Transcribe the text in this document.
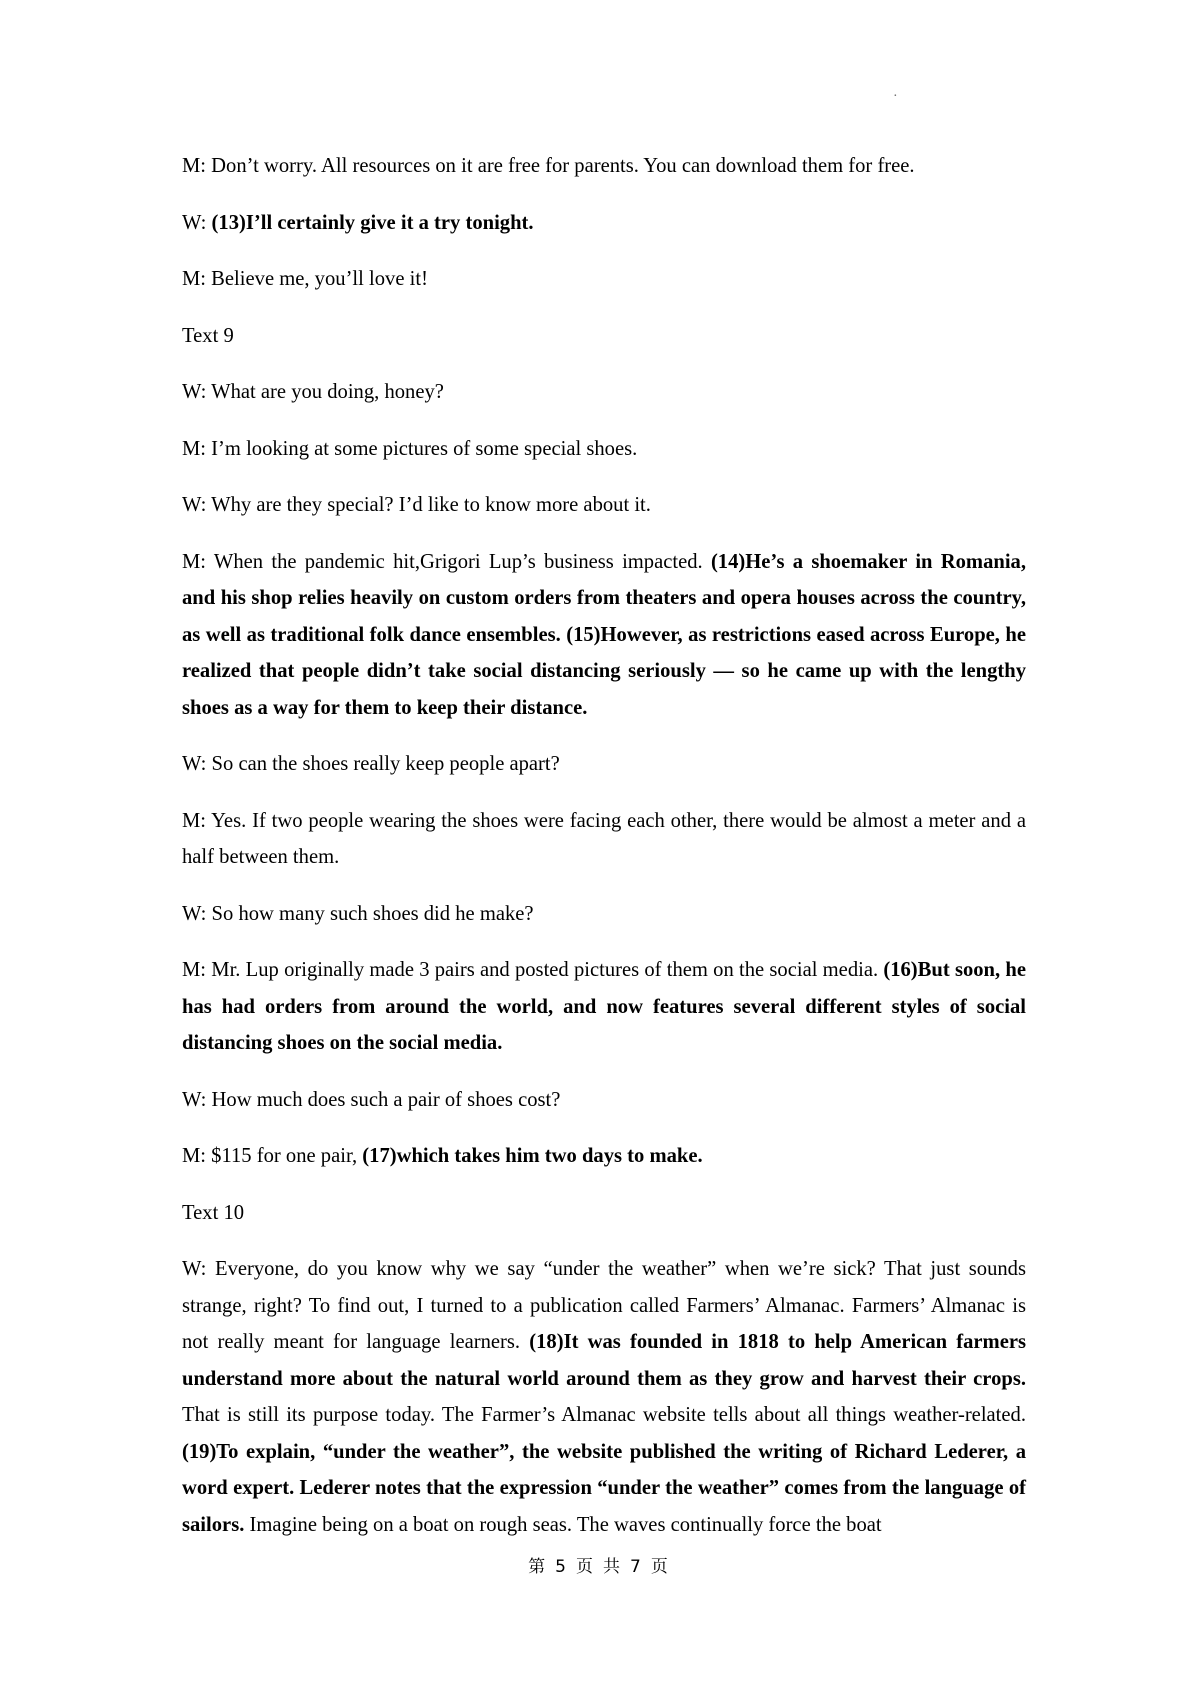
·

M: Don’t worry. All resources on it are free for parents. You can download them for free.

W: (13)I’ll certainly give it a try tonight.

M: Believe me, you’ll love it!

Text 9

W: What are you doing, honey?

M: I’m looking at some pictures of some special shoes.

W: Why are they special? I’d like to know more about it.

M: When the pandemic hit,Grigori Lup’s business impacted. (14)He’s a shoemaker in Romania, and his shop relies heavily on custom orders from theaters and opera houses across the country, as well as traditional folk dance ensembles. (15)However, as restrictions eased across Europe, he realized that people didn’t take social distancing seriously — so he came up with the lengthy shoes as a way for them to keep their distance.

W: So can the shoes really keep people apart?

M: Yes. If two people wearing the shoes were facing each other, there would be almost a meter and a half between them.

W: So how many such shoes did he make?

M: Mr. Lup originally made 3 pairs and posted pictures of them on the social media. (16)But soon, he has had orders from around the world, and now features several different styles of social distancing shoes on the social media.

W: How much does such a pair of shoes cost?

M: $115 for one pair, (17)which takes him two days to make.

Text 10

W: Everyone, do you know why we say “under the weather” when we’re sick? That just sounds strange, right? To find out, I turned to a publication called Farmers’ Almanac. Farmers’ Almanac is not really meant for language learners. (18)It was founded in 1818 to help American farmers understand more about the natural world around them as they grow and harvest their crops. That is still its purpose today. The Farmer’s Almanac website tells about all things weather-related. (19)To explain, “under the weather”, the website published the writing of Richard Lederer, a word expert. Lederer notes that the expression “under the weather” comes from the language of sailors. Imagine being on a boat on rough seas. The waves continually force the boat

第 5 页 共 7 页
